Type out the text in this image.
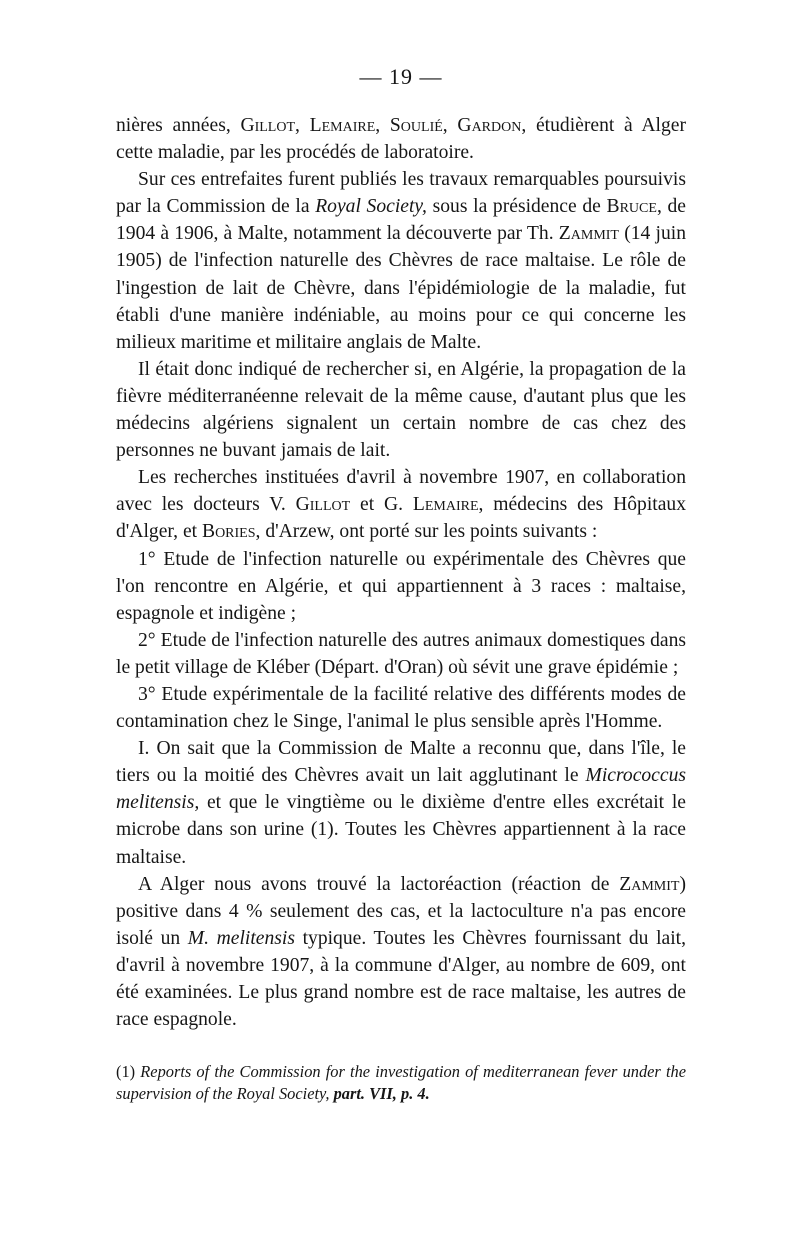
— 19 —

nières années, Gillot, Lemaire, Soulié, Gardon, étudièrent à Alger cette maladie, par les procédés de laboratoire.

Sur ces entrefaites furent publiés les travaux remarquables poursuivis par la Commission de la Royal Society, sous la présidence de Bruce, de 1904 à 1906, à Malte, notamment la découverte par Th. Zammit (14 juin 1905) de l'infection naturelle des Chèvres de race maltaise. Le rôle de l'ingestion de lait de Chèvre, dans l'épidémiologie de la maladie, fut établi d'une manière indéniable, au moins pour ce qui concerne les milieux maritime et militaire anglais de Malte.

Il était donc indiqué de rechercher si, en Algérie, la propagation de la fièvre méditerranéenne relevait de la même cause, d'autant plus que les médecins algériens signalent un certain nombre de cas chez des personnes ne buvant jamais de lait.

Les recherches instituées d'avril à novembre 1907, en collaboration avec les docteurs V. Gillot et G. Lemaire, médecins des Hôpitaux d'Alger, et Bories, d'Arzew, ont porté sur les points suivants :

1° Etude de l'infection naturelle ou expérimentale des Chèvres que l'on rencontre en Algérie, et qui appartiennent à 3 races : maltaise, espagnole et indigène ;

2° Etude de l'infection naturelle des autres animaux domestiques dans le petit village de Kléber (Départ. d'Oran) où sévit une grave épidémie ;

3° Etude expérimentale de la facilité relative des différents modes de contamination chez le Singe, l'animal le plus sensible après l'Homme.

I. On sait que la Commission de Malte a reconnu que, dans l'île, le tiers ou la moitié des Chèvres avait un lait agglutinant le Micrococcus melitensis, et que le vingtième ou le dixième d'entre elles excrétait le microbe dans son urine (1). Toutes les Chèvres appartiennent à la race maltaise.

A Alger nous avons trouvé la lactoréaction (réaction de Zammit) positive dans 4 % seulement des cas, et la lactoculture n'a pas encore isolé un M. melitensis typique. Toutes les Chèvres fournissant du lait, d'avril à novembre 1907, à la commune d'Alger, au nombre de 609, ont été examinées. Le plus grand nombre est de race maltaise, les autres de race espagnole.

(1) Reports of the Commission for the investigation of mediterranean fever under the supervision of the Royal Society, part. VII, p. 4.
